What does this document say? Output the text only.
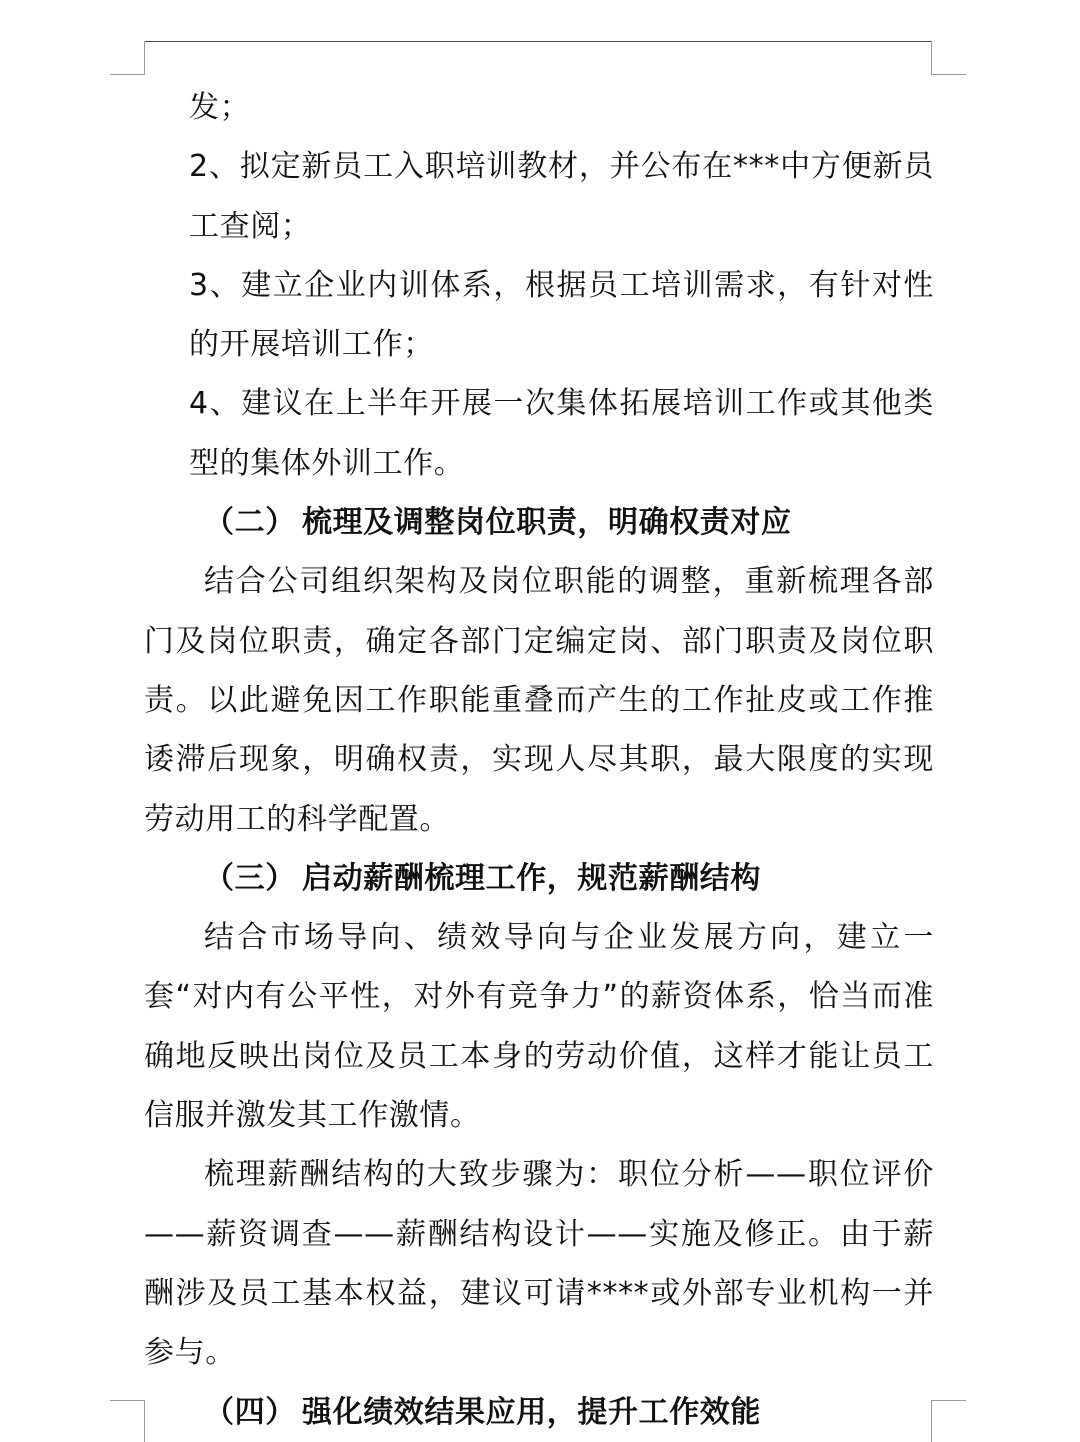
发；

2、拟定新员工入职培训教材，并公布在***中方便新员工查阅；

3、建立企业内训体系，根据员工培训需求，有针对性的开展培训工作；

4、建议在上半年开展一次集体拓展培训工作或其他类型的集体外训工作。

（二） 梳理及调整岗位职责，明确权责对应

结合公司组织架构及岗位职能的调整，重新梳理各部门及岗位职责，确定各部门定编定岗、部门职责及岗位职责。以此避免因工作职能重叠而产生的工作扯皮或工作推诿滞后现象，明确权责，实现人尽其职，最大限度的实现劳动用工的科学配置。

（三） 启动薪酬梳理工作，规范薪酬结构

结合市场导向、绩效导向与企业发展方向，建立一套“对内有公平性，对外有竞争力”的薪资体系，恰当而准确地反映出岗位及员工本身的劳动价值，这样才能让员工信服并激发其工作激情。

梳理薪酬结构的大致步骤为：职位分析——职位评价——薪资调查——薪酬结构设计——实施及修正。由于薪酬涉及员工基本权益，建议可请****或外部专业机构一并参与。

（四） 强化绩效结果应用，提升工作效能
